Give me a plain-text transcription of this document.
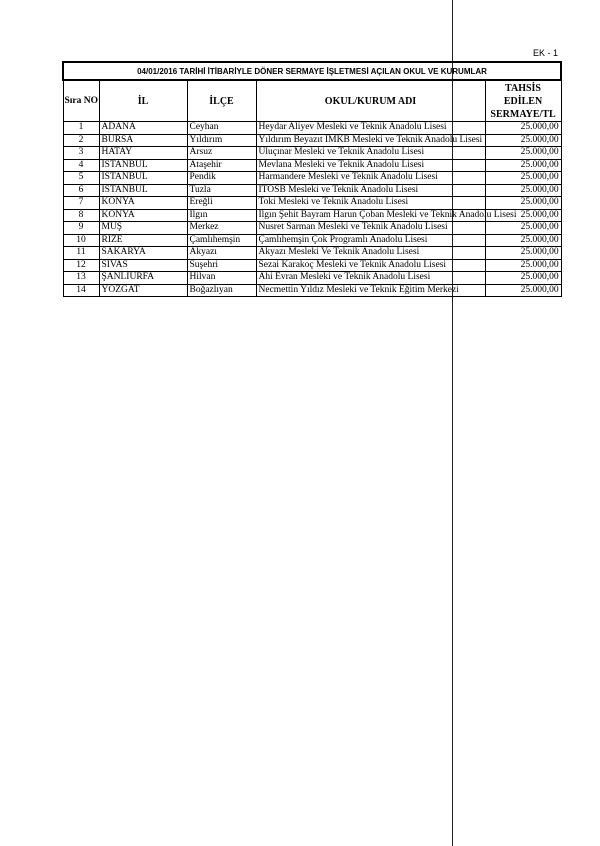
EK - 1
04/01/2016 TARİHİ İTİBARİYLE DÖNER SERMAYE İŞLETMESİ AÇILAN OKUL VE KURUMLAR				
Sıra NO	İL	İLÇE	OKUL/KURUM ADI	TAHSİS
EDİLEN
SERMAYE/TL
1	ADANA	Ceyhan	Heydar Aliyev Mesleki ve Teknik Anadolu Lisesi	25.000,00
2	BURSA	Yıldırım	Yıldırım Beyazıt İMKB Mesleki ve Teknik Anadolu Lisesi	25.000,00
3	HATAY	Arsuz	Uluçınar Mesleki ve Teknik Anadolu Lisesi	25.000,00
4	İSTANBUL	Ataşehir	Mevlana Mesleki ve Teknik Anadolu Lisesi	25.000,00
5	İSTANBUL	Pendik	Harmandere Mesleki ve Teknik Anadolu Lisesi	25.000,00
6	İSTANBUL	Tuzla	İTOSB Mesleki ve Teknik Anadolu Lisesi	25.000,00
7	KONYA	Ereğli	Toki Mesleki ve Teknik Anadolu Lisesi	25.000,00
8	KONYA	Ilgın	Ilgın Şehit Bayram Harun Çoban Mesleki ve Teknik Anadolu Lisesi	25.000,00
9	MUŞ	Merkez	Nusret Sarman Mesleki ve Teknik Anadolu Lisesi	25.000,00
10	RİZE	Çamlıhemşin	Çamlıhemşin Çok Programlı Anadolu Lisesi	25.000,00
11	SAKARYA	Akyazı	Akyazı Mesleki Ve Teknik Anadolu Lisesi	25.000,00
12	SİVAS	Suşehri	Sezai Karakoç Mesleki ve Teknik Anadolu Lisesi	25.000,00
13	ŞANLIURFA	Hilvan	Ahi Evran Mesleki ve Teknik Anadolu Lisesi	25.000,00
14	YOZGAT	Boğazlıyan	Necmettin Yıldız Mesleki ve Teknik Eğitim Merkezi	25.000,00
